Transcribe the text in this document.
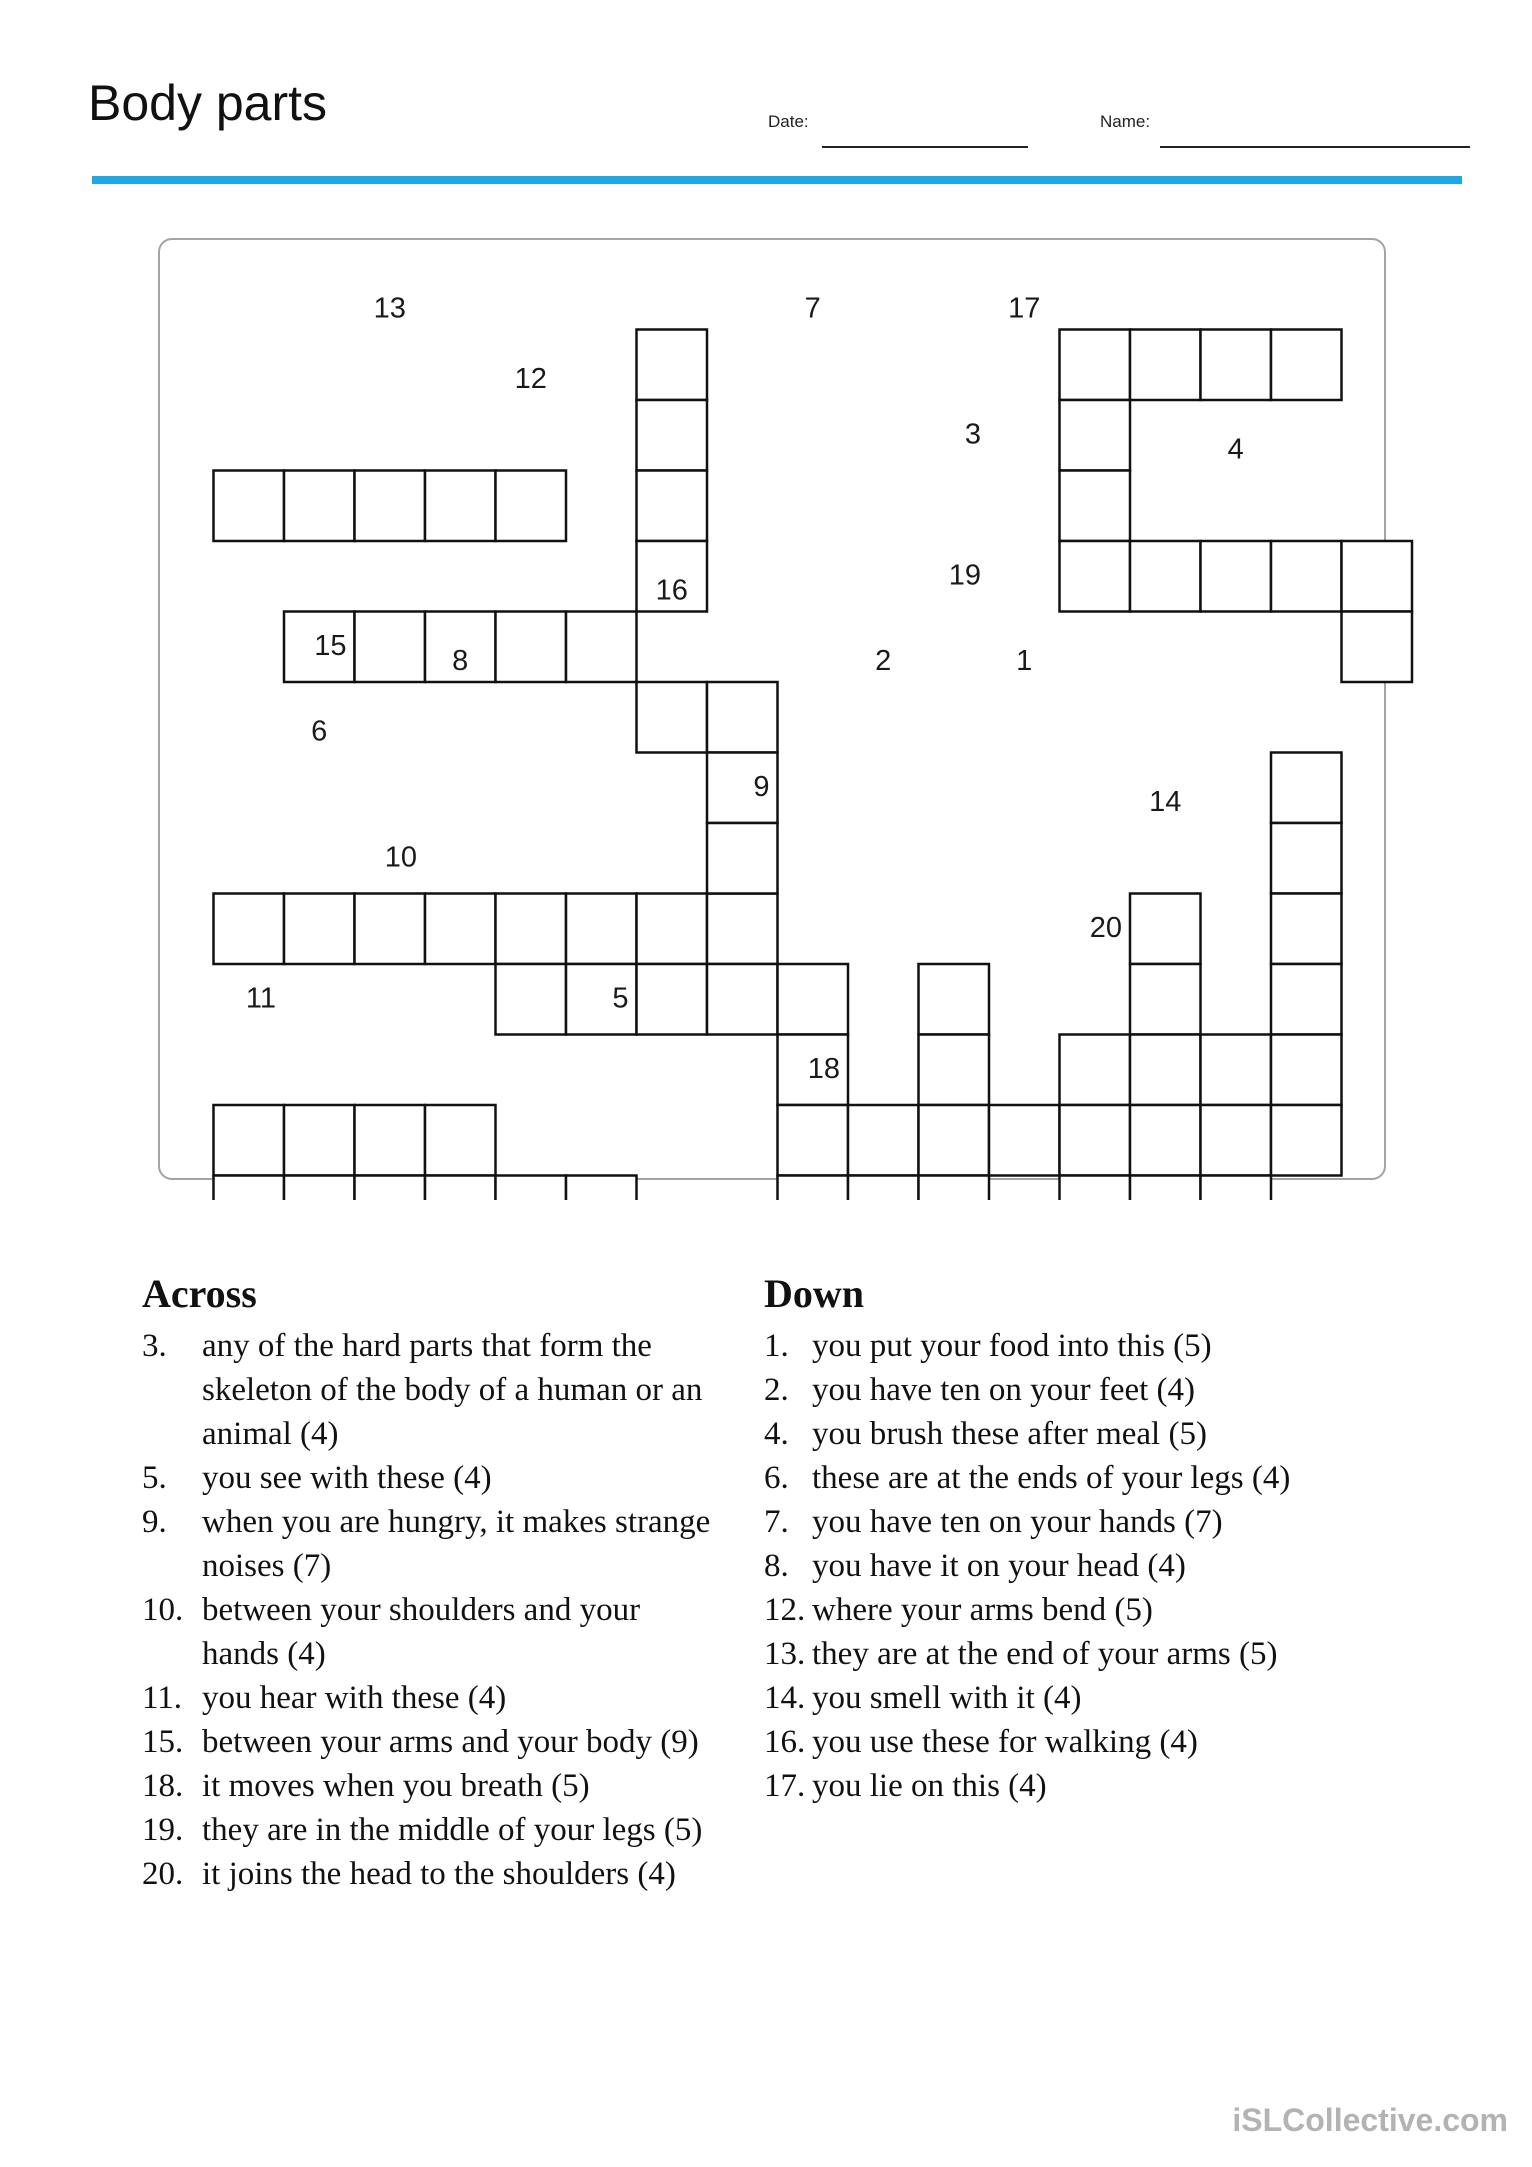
Body parts	Date:	Name:
13
12
16
15	8
6
10
11
7
9
2
5
18
1
17
3
19
4
20
14
Across
3.	any of the hard parts that form the skeleton of the body of a human or an animal (4)
5.	you see with these (4)
9.	when you are hungry, it makes strange noises (7)
10. between your shoulders and your hands (4)
11. you hear with these (4)
15. between your arms and your body (9)
18. it moves when you breath (5)
19. they are in the middle of your legs (5)
20. it joins the head to the shoulders (4)
Down
1. you put your food into this (5)
2. you have ten on your feet (4)
4. you brush these after meal (5)
6. these are at the ends of your legs (4)
7. you have ten on your hands (7)
8. you have it on your head (4)
12. where your arms bend (5)
13. they are at the end of your arms (5)
14. you smell with it (4)
16. you use these for walking (4)
17. you lie on this (4)
iSLCollective.com
